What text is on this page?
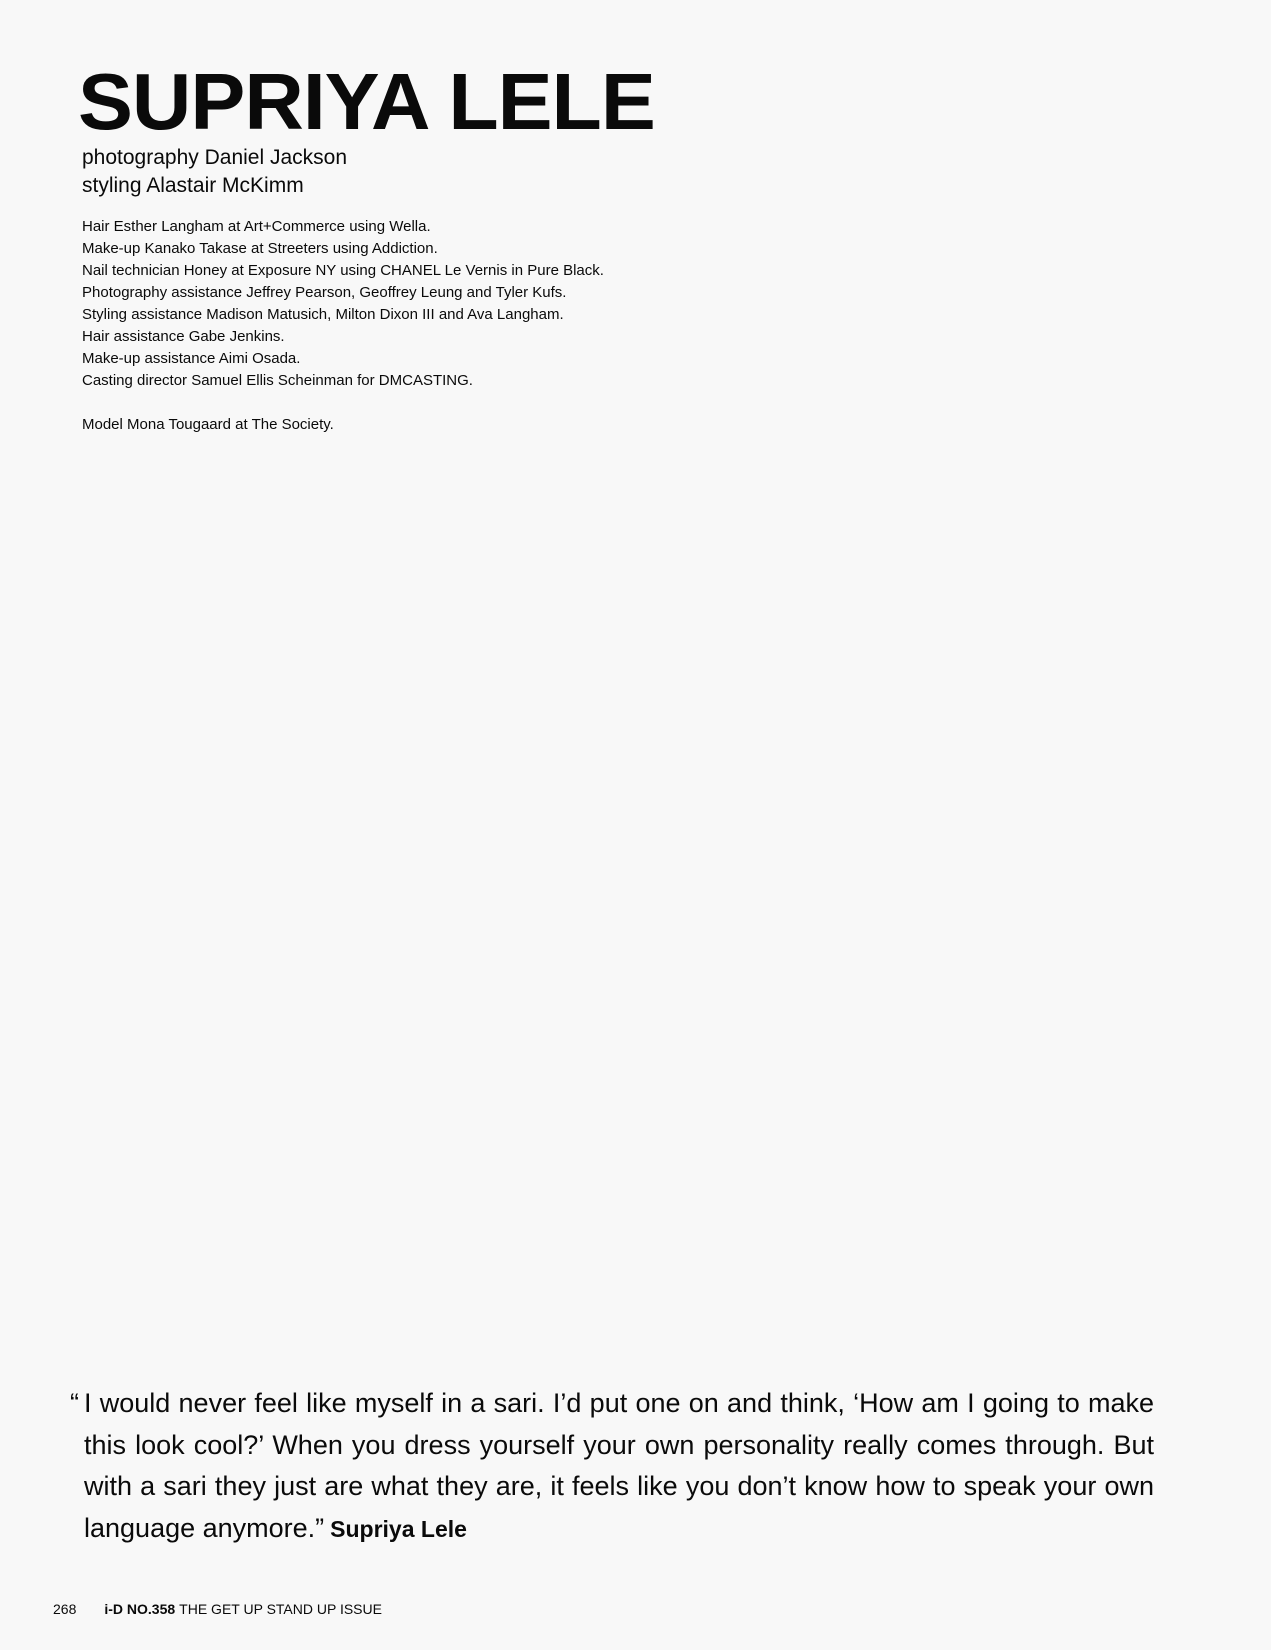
SUPRIYA LELE
photography Daniel Jackson
styling Alastair McKimm
Hair Esther Langham at Art+Commerce using Wella.
Make-up Kanako Takase at Streeters using Addiction.
Nail technician Honey at Exposure NY using CHANEL Le Vernis in Pure Black.
Photography assistance Jeffrey Pearson, Geoffrey Leung and Tyler Kufs.
Styling assistance Madison Matusich, Milton Dixon III and Ava Langham.
Hair assistance Gabe Jenkins.
Make-up assistance Aimi Osada.
Casting director Samuel Ellis Scheinman for DMCASTING.
Model Mona Tougaard at The Society.

“ I would never feel like myself in a sari. I’d put one on and think, ‘How am I going to make this look cool?’ When you dress yourself your own personality really comes through. But with a sari they just are what they are, it feels like you don’t know how to speak your own language anymore.” Supriya Lele

268 i-D NO.358 THE GET UP STAND UP ISSUE
